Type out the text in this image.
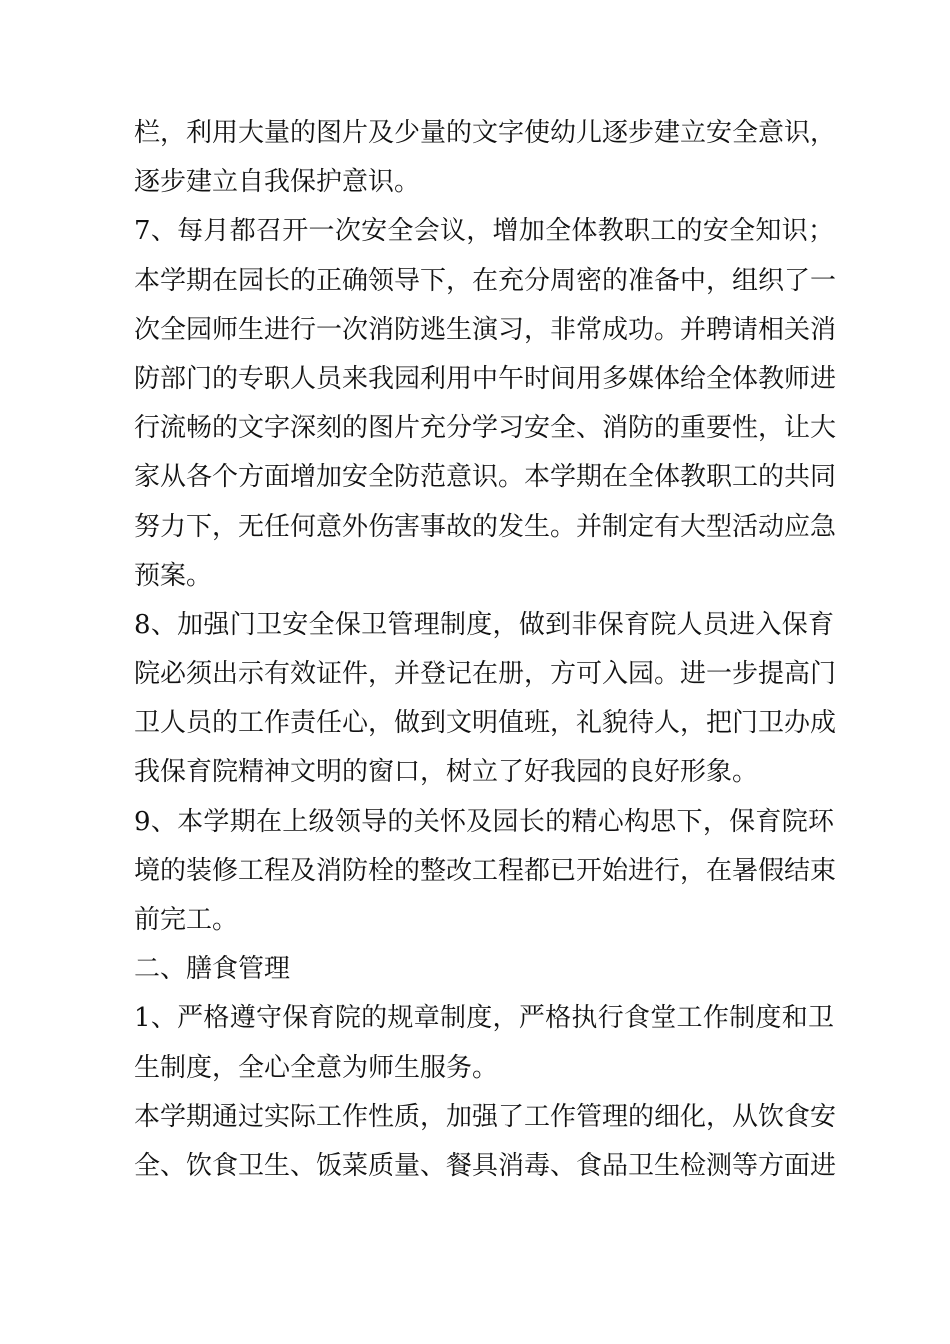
栏，利用大量的图片及少量的文字使幼儿逐步建立安全意识，
逐步建立自我保护意识。
7、每月都召开一次安全会议，增加全体教职工的安全知识；
本学期在园长的正确领导下，在充分周密的准备中，组织了一
次全园师生进行一次消防逃生演习，非常成功。并聘请相关消
防部门的专职人员来我园利用中午时间用多媒体给全体教师进
行流畅的文字深刻的图片充分学习安全、消防的重要性，让大
家从各个方面增加安全防范意识。本学期在全体教职工的共同
努力下，无任何意外伤害事故的发生。并制定有大型活动应急
预案。
8、加强门卫安全保卫管理制度，做到非保育院人员进入保育
院必须出示有效证件，并登记在册，方可入园。进一步提高门
卫人员的工作责任心，做到文明值班，礼貌待人，把门卫办成
我保育院精神文明的窗口，树立了好我园的良好形象。
9、本学期在上级领导的关怀及园长的精心构思下，保育院环
境的装修工程及消防栓的整改工程都已开始进行，在暑假结束
前完工。
二、膳食管理
1、严格遵守保育院的规章制度，严格执行食堂工作制度和卫
生制度，全心全意为师生服务。
本学期通过实际工作性质，加强了工作管理的细化，从饮食安
全、饮食卫生、饭菜质量、餐具消毒、食品卫生检测等方面进
